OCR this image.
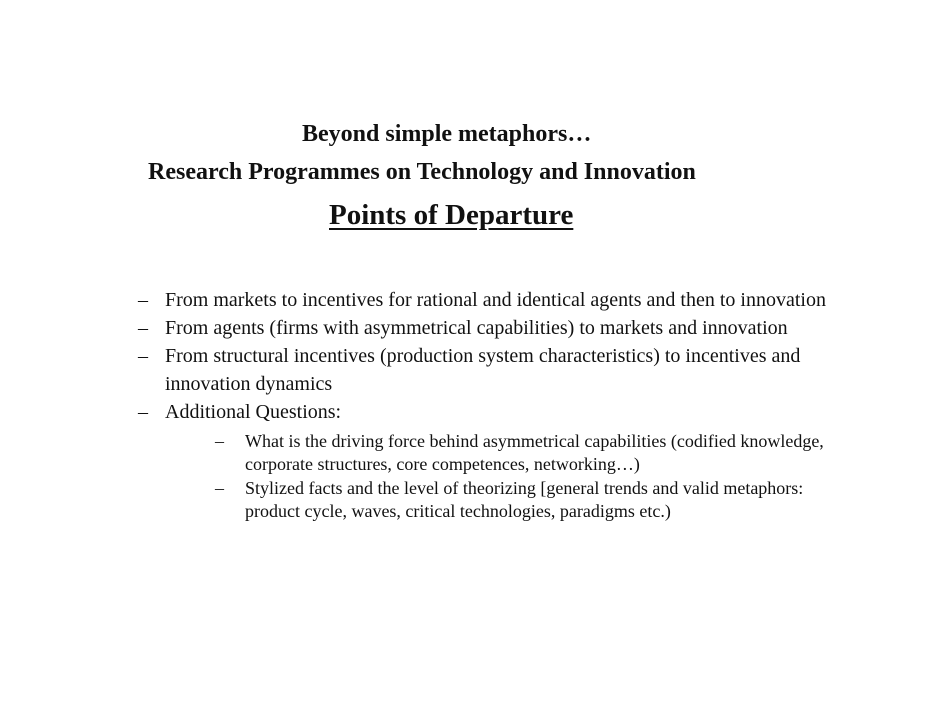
Beyond simple metaphors…
Research Programmes on Technology and Innovation
Points of Departure
– From markets to incentives for rational and identical agents and then to innovation
– From agents (firms with asymmetrical capabilities) to markets and innovation
– From structural incentives (production system characteristics) to incentives and innovation dynamics
– Additional Questions:
– What is the driving force behind asymmetrical capabilities (codified knowledge, corporate structures, core competences, networking…)
– Stylized facts and the level of theorizing [general trends and valid metaphors: product cycle, waves, critical technologies, paradigms etc.)
